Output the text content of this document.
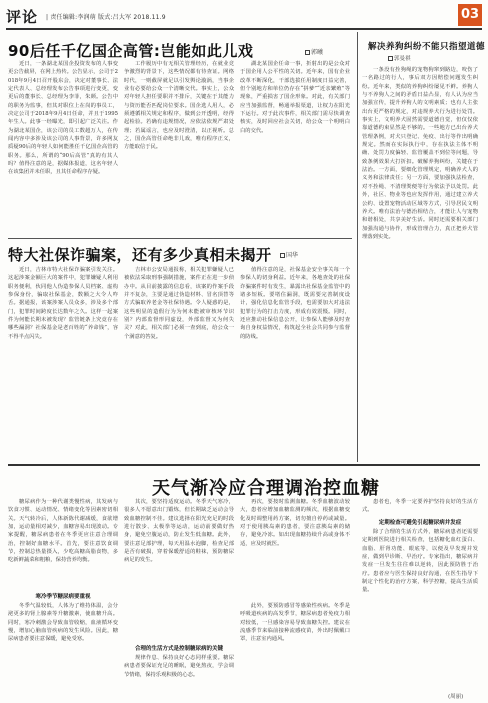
评论 | 责任编辑:李润萌 版式:吕大军 2018.11.9	03
90后任千亿国企高管:岂能如此儿戏	郭曦
近日，一条湖北某国企投资发布的人事变更公告截屏，在网上热传。公告显示，公司于2018年9月4日召开股东会，决定对董事长、法定代表人、总经理发布公告事项进行变更，变更后的董事长、总经理为李菲，朱颜。公告中的职务为监事，但其对职位上在岗的事员工，决定公司于2018年9月4日任命，并且于1995年生人。此事一经曝光，即引起广泛关注。作为湖北某国企，该公司的员工数超万人，在传闻内容中多涉及该公司的人事背景，许多网友质疑90后的年轻人如何能胜任千亿国企高管的职务。那么，所谓的“90后高管”真的有其人吗？值得注意的是，据媒体报道，这名年轻人在该集团并未任职，且其任命程序存疑。
工作履历中有无相关管理经历，在就业竞争激烈的背景下，这些情况都有待查证。网络时代，一则截屏就足以引发舆论漩涡，当事企业有必要给公众一个清晰交代。事实上，公众对年轻人担任要职并不排斥，关键在于其能力与资历能否匹配岗位要求。国企选人用人，必须遵循相关规定和程序，做到公开透明，经得起检验。若确有违规情况，应依法依规严肃处理；若属谣言，也应及时澄清，以正视听。总之，国企高管任命绝非儿戏，唯有程序正义，方能取信于民。
湖北某国企任命一事，折射出的是公众对于国企用人公平性的关切。近年来，国有企业改革不断深化，干部选拔任用制度日益完善，但个别地方和单位仍存在“拼爹”“近亲繁殖”等现象，严重损害了国企形象。对此，有关部门应当加强监督，畅通举报渠道，让权力在阳光下运行。对于此次事件，相关部门需尽快调查核实，及时回应社会关切，给公众一个明明白白的交代。
特大社保诈骗案，还有多少真相未揭开	国华
近日，吉林市特大社保诈骗案引发关注。这起涉案金额巨大的案件中，犯罪嫌疑人利用职务便利，伙同他人伪造参保人员档案、虚构参保身份，骗取社保基金，数额之大令人咋舌。据通报，该案涉案人员众多，涉及多个部门，犯罪时间跨度长达数年之久。这样一起案件为何能长期未被发现？监管链条上究竟存在哪些漏洞？社保基金是老百姓的“养命钱”，容不得半点闪失。
吉林市公安局通报称，相关犯罪嫌疑人已被依法采取刑事强制措施，案件正在进一步侦办中。从目前披露的信息看，该案的作案手段并不复杂，主要是通过伪造材料、冒名顶替等方式骗取养老金等社保待遇。令人疑惑的是，这些明显的造假行为为何未能被审核环节识别？内部监督形同虚设，外部监督又为何失灵？对此，相关部门必须一查到底，给公众一个满意的答复。
值得注意的是，社保基金安全事关每一个参保人的切身利益。近年来，各地查处的社保诈骗案件时有发生，暴露出社保基金监管中的诸多短板。要堵住漏洞，既需要完善制度设计，强化信息化监管手段，也需要加大对违法犯罪行为的打击力度，形成有效震慑。同时，还应推动社保信息公开，让参保人能够及时查询自身权益情况，构筑起全社会共同参与监督的防线。
解决养狗纠纷不能只指望道德
郭曼祺
一条没有拴狗绳的宠物狗窜到路边，咬伤了一名路过的行人，事后双方因赔偿问题发生纠纷。近年来，类似的养狗纠纷屡见不鲜。养狗人与不养狗人之间的矛盾日益凸显，有人认为应当加强宣传，提升养狗人的文明素质；也有人主张出台更严格的规定，对违规养犬行为进行处罚。事实上，文明养犬固然需要道德自觉，但仅仅依靠道德约束显然是不够的。一些地方已出台养犬管理条例，对犬只登记、免疫、出行等作出明确规定。然而在实际执行中，存在执法主体不明确、处罚力度偏轻、监管覆盖不到位等问题，导致条例效果大打折扣。破解养狗纠纷，关键在于法治。一方面，要细化管理规定，明确养犬人的义务和法律责任；另一方面，要加强执法检查，对不拴绳、不清理粪便等行为依法予以处罚。此外，社区、物业等也应发挥作用，通过建立养犬公约、设置宠物活动区域等方式，引导居民文明养犬。唯有法治与德治相结合，才能让人与宠物和谐相处，共享美好生活。同时还需要相关部门加强沟通与协作，形成管理合力，真正把养犬管理落到实处。
天气渐冷应合理调治控血糖
糖尿病作为一种代谢类慢性病，其发病与饮食习惯、运动情况、情绪变化等因素密切相关。天气转冷后，人体新陈代谢减缓，食欲增加，运动量相对减少，血糖容易出现波动。专家提醒，糖尿病患者在冬季更应注意合理调治，控制好血糖水平。首先，要注意饮食调节，控制总热量摄入，少吃高糖高脂食物，多吃新鲜蔬菜和粗粮，保持营养均衡。
寒冷季节糖尿病要重视
冬季气温较低，人体为了维持体温，会分泌更多的肾上腺素等升糖激素，使血糖升高。同时，寒冷刺激会导致血管收缩，血液循环变慢，增加心脑血管疾病的发生风险。因此，糖尿病患者要注意保暖，避免受寒。
其次，要坚持适度运动。冬季天气寒冷，很多人不愿意出门锻炼，但长期缺乏运动会导致血糖控制不佳。建议选择在阳光充足的时段进行散步、太极拳等运动，运动前要做好热身，避免空腹运动，防止发生低血糖。此外，要注意足部护理，每天用温水泡脚，检查足部是否有破损，穿着保暖舒适的鞋袜，预防糖尿病足的发生。
合理的生活方式是控制糖尿病的关键
规律作息、保持良好心态同样重要。糖尿病患者要保证充足的睡眠，避免熬夜，学会调节情绪，保持乐观积极的心态。
再次，要按时监测血糖。冬季血糖波动较大，患者应增加血糖监测的频次，根据血糖变化及时调整用药方案，切勿擅自停药或减量。对于使用胰岛素的患者，要注意胰岛素的储存，避免冷冻。如出现血糖持续升高或身体不适，应及时就医。
此外，要预防感冒等感染性疾病。冬季是呼吸道疾病的高发季节，糖尿病患者免疫力相对较低，一旦感染容易导致血糖失控。建议在流感季节来临前接种流感疫苗，外出时佩戴口罩，注意室内通风。
患者也，冬季一定要养护坚持良好的生活方式。
定期检查可避免引起糖尿病并发症
除了合理的生活方式外，糖尿病患者还需要定期到医院进行相关检查，包括糖化血红蛋白、血脂、肝肾功能、眼底等，以便及早发现并发症，做到早诊断、早治疗。专家指出，糖尿病并发症一旦发生往往难以逆转，因此预防胜于治疗。患者应与医生保持良好沟通，在医生指导下制定个性化的治疗方案，科学控糖，提高生活质量。
(周丽)
